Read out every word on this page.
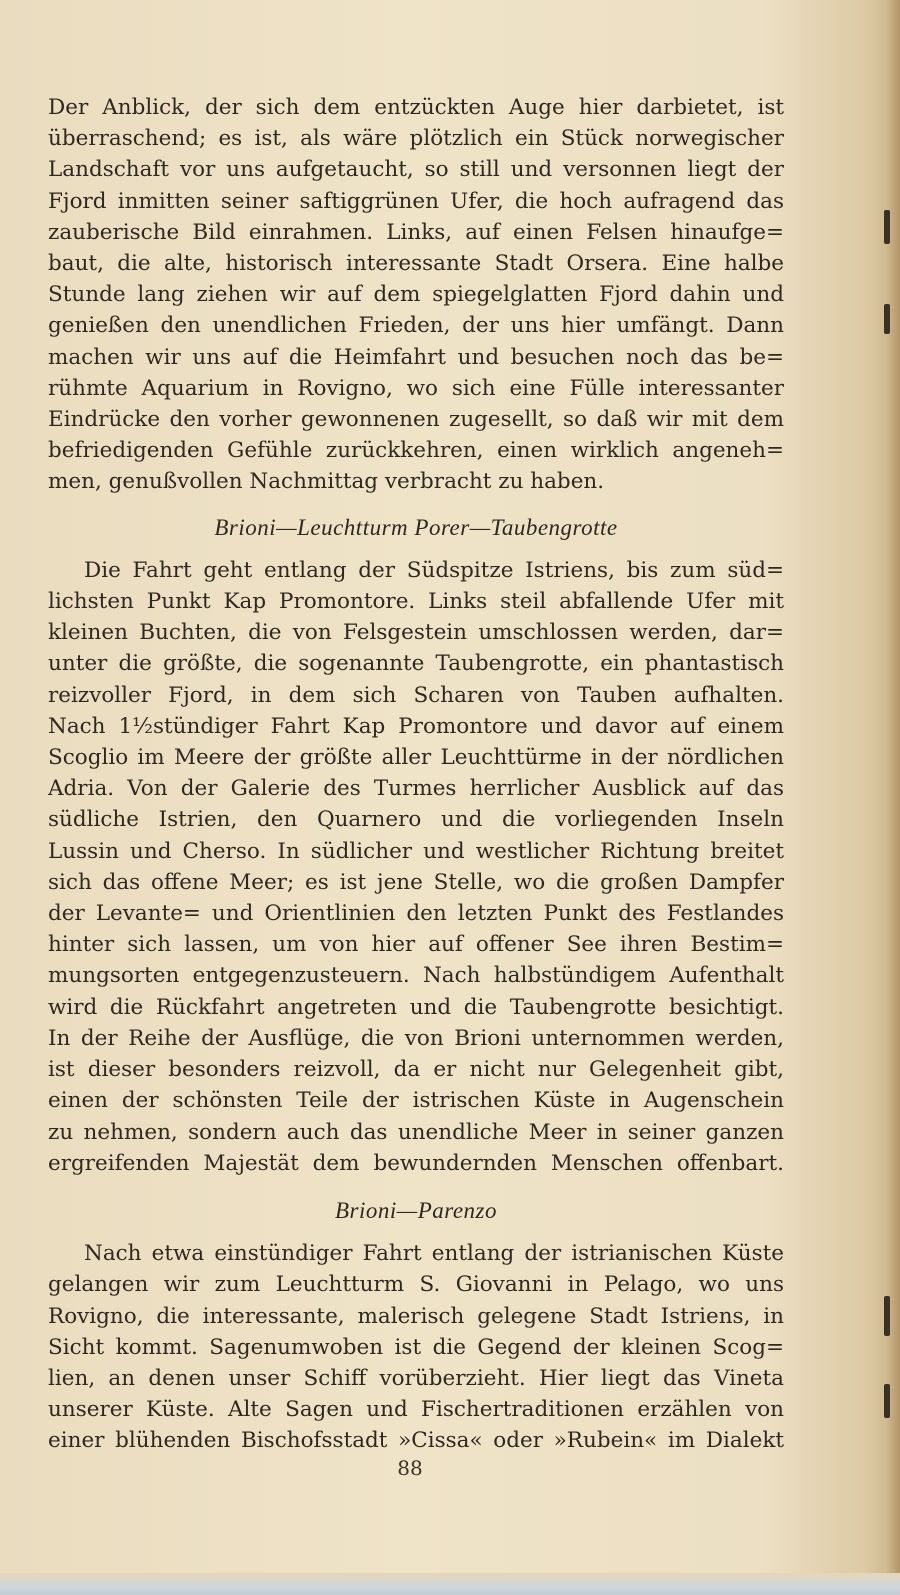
Der Anblick, der sich dem entzückten Auge hier darbietet, ist
überraschend; es ist, als wäre plötzlich ein Stück norwegischer
Landschaft vor uns aufgetaucht, so still und versonnen liegt der
Fjord inmitten seiner saftiggrünen Ufer, die hoch aufragend das
zauberische Bild einrahmen. Links, auf einen Felsen hinaufge=
baut, die alte, historisch interessante Stadt Orsera. Eine halbe
Stunde lang ziehen wir auf dem spiegelglatten Fjord dahin und
genießen den unendlichen Frieden, der uns hier umfängt. Dann
machen wir uns auf die Heimfahrt und besuchen noch das be=
rühmte Aquarium in Rovigno, wo sich eine Fülle interessanter
Eindrücke den vorher gewonnenen zugesellt, so daß wir mit dem
befriedigenden Gefühle zurückkehren, einen wirklich angeneh=
men, genußvollen Nachmittag verbracht zu haben.

Brioni—Leuchtturm Porer—Taubengrotte

Die Fahrt geht entlang der Südspitze Istriens, bis zum süd=
lichsten Punkt Kap Promontore. Links steil abfallende Ufer mit
kleinen Buchten, die von Felsgestein umschlossen werden, dar=
unter die größte, die sogenannte Taubengrotte, ein phantastisch
reizvoller Fjord, in dem sich Scharen von Tauben aufhalten.
Nach 1½stündiger Fahrt Kap Promontore und davor auf einem
Scoglio im Meere der größte aller Leuchttürme in der nördlichen
Adria. Von der Galerie des Turmes herrlicher Ausblick auf das
südliche Istrien, den Quarnero und die vorliegenden Inseln
Lussin und Cherso. In südlicher und westlicher Richtung breitet
sich das offene Meer; es ist jene Stelle, wo die großen Dampfer
der Levante= und Orientlinien den letzten Punkt des Festlandes
hinter sich lassen, um von hier auf offener See ihren Bestim=
mungsorten entgegenzusteuern. Nach halbstündigem Aufenthalt
wird die Rückfahrt angetreten und die Taubengrotte besichtigt.
In der Reihe der Ausflüge, die von Brioni unternommen werden,
ist dieser besonders reizvoll, da er nicht nur Gelegenheit gibt,
einen der schönsten Teile der istrischen Küste in Augenschein
zu nehmen, sondern auch das unendliche Meer in seiner ganzen
ergreifenden Majestät dem bewundernden Menschen offenbart.

Brioni—Parenzo

Nach etwa einstündiger Fahrt entlang der istrianischen Küste
gelangen wir zum Leuchtturm S. Giovanni in Pelago, wo uns
Rovigno, die interessante, malerisch gelegene Stadt Istriens, in
Sicht kommt. Sagenumwoben ist die Gegend der kleinen Scog=
lien, an denen unser Schiff vorüberzieht. Hier liegt das Vineta
unserer Küste. Alte Sagen und Fischertraditionen erzählen von
einer blühenden Bischofsstadt »Cissa« oder »Rubein« im Dialekt
88
